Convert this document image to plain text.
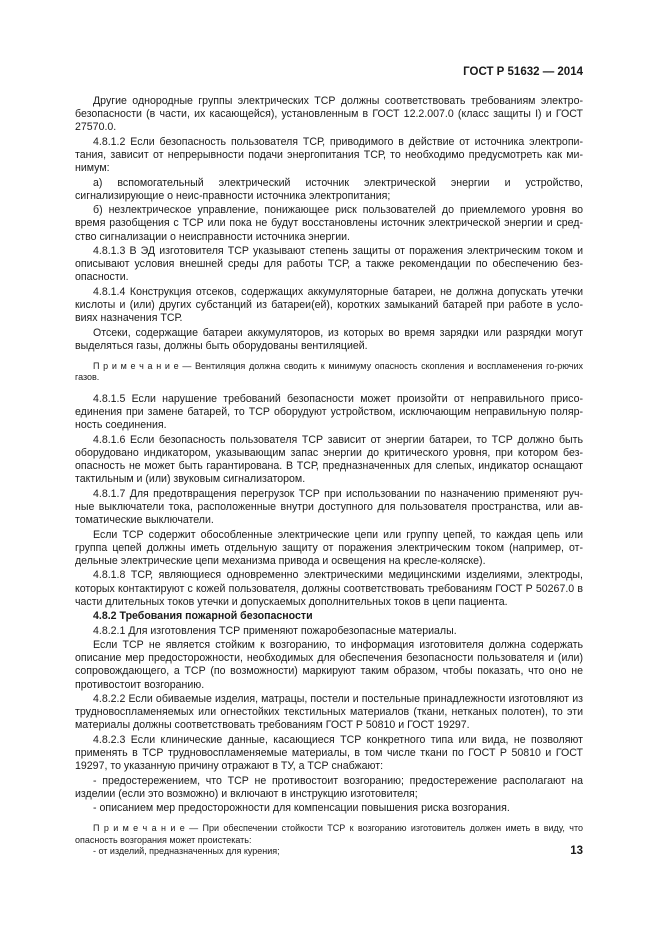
ГОСТ Р 51632 — 2014

Другие однородные группы электрических ТСР должны соответствовать требованиям электро-безопасности (в части, их касающейся), установленным в ГОСТ 12.2.007.0 (класс защиты I) и ГОСТ 27570.0.

4.8.1.2 Если безопасность пользователя ТСР, приводимого в действие от источника электропи-тания, зависит от непрерывности подачи энергопитания ТСР, то необходимо предусмотреть как ми-нимум:

а) вспомогательный электрический источник электрической энергии и устройство, сигнализирующие о неис-правности источника электропитания;

б) незлектрическое управление, понижающее риск пользователей до приемлемого уровня во время разобщения с ТСР или пока не будут восстановлены источник электрической энергии и сред-ство сигнализации о неисправности источника энергии.

4.8.1.3 В ЭД изготовителя ТСР указывают степень защиты от поражения электрическим током и описывают условия внешней среды для работы ТСР, а также рекомендации по обеспечению без-опасности.

4.8.1.4 Конструкция отсеков, содержащих аккумуляторные батареи, не должна допускать утечки кислоты и (или) других субстанций из батареи(ей), коротких замыканий батарей при работе в усло-виях назначения ТСР.

Отсеки, содержащие батареи аккумуляторов, из которых во время зарядки или разрядки могут выделяться газы, должны быть оборудованы вентиляцией.

П р и м е ч а н и е — Вентиляция должна сводить к минимуму опасность скопления и воспламенения го-рючих газов.

4.8.1.5 Если нарушение требований безопасности может произойти от неправильного присо-единения при замене батарей, то ТСР оборудуют устройством, исключающим неправильную поляр-ность соединения.

4.8.1.6 Если безопасность пользователя ТСР зависит от энергии батареи, то ТСР должно быть оборудовано индикатором, указывающим запас энергии до критического уровня, при котором без-опасность не может быть гарантирована. В ТСР, предназначенных для слепых, индикатор оснащают тактильным и (или) звуковым сигнализатором.

4.8.1.7 Для предотвращения перегрузок ТСР при использовании по назначению применяют руч-ные выключатели тока, расположенные внутри доступного для пользователя пространства, или ав-томатические выключатели.

Если ТСР содержит обособленные электрические цепи или группу цепей, то каждая цепь или группа цепей должны иметь отдельную защиту от поражения электрическим током (например, от-дельные электрические цепи механизма привода и освещения на кресле-коляске).

4.8.1.8 ТСР, являющиеся одновременно электрическими медицинскими изделиями, электроды, которых контактируют с кожей пользователя, должны соответствовать требованиям ГОСТ Р 50267.0 в части длительных токов утечки и допускаемых дополнительных токов в цепи пациента.

4.8.2 Требования пожарной безопасности

4.8.2.1 Для изготовления ТСР применяют пожаробезопасные материалы.

Если ТСР не является стойким к возгоранию, то информация изготовителя должна содержать описание мер предосторожности, необходимых для обеспечения безопасности пользователя и (или) сопровождающего, а ТСР (по возможности) маркируют таким образом, чтобы показать, что оно не противостоит возгоранию.

4.8.2.2 Если обиваемые изделия, матрацы, постели и постельные принадлежности изготовляют из трудновоспламеняемых или огнестойких текстильных материалов (ткани, нетканых полотен), то эти материалы должны соответствовать требованиям ГОСТ Р 50810 и ГОСТ 19297.

4.8.2.3 Если клинические данные, касающиеся ТСР конкретного типа или вида, не позволяют применять в ТСР трудновоспламеняемые материалы, в том числе ткани по ГОСТ Р 50810 и ГОСТ 19297, то указанную причину отражают в ТУ, а ТСР снабжают:

- предостережением, что ТСР не противостоит возгоранию; предостережение располагают на изделии (если это возможно) и включают в инструкцию изготовителя;

- описанием мер предосторожности для компенсации повышения риска возгорания.

П р и м е ч а н и е — При обеспечении стойкости ТСР к возгоранию изготовитель должен иметь в виду, что опасность возгорания может проистекать:

- от изделий, предназначенных для курения;	13
